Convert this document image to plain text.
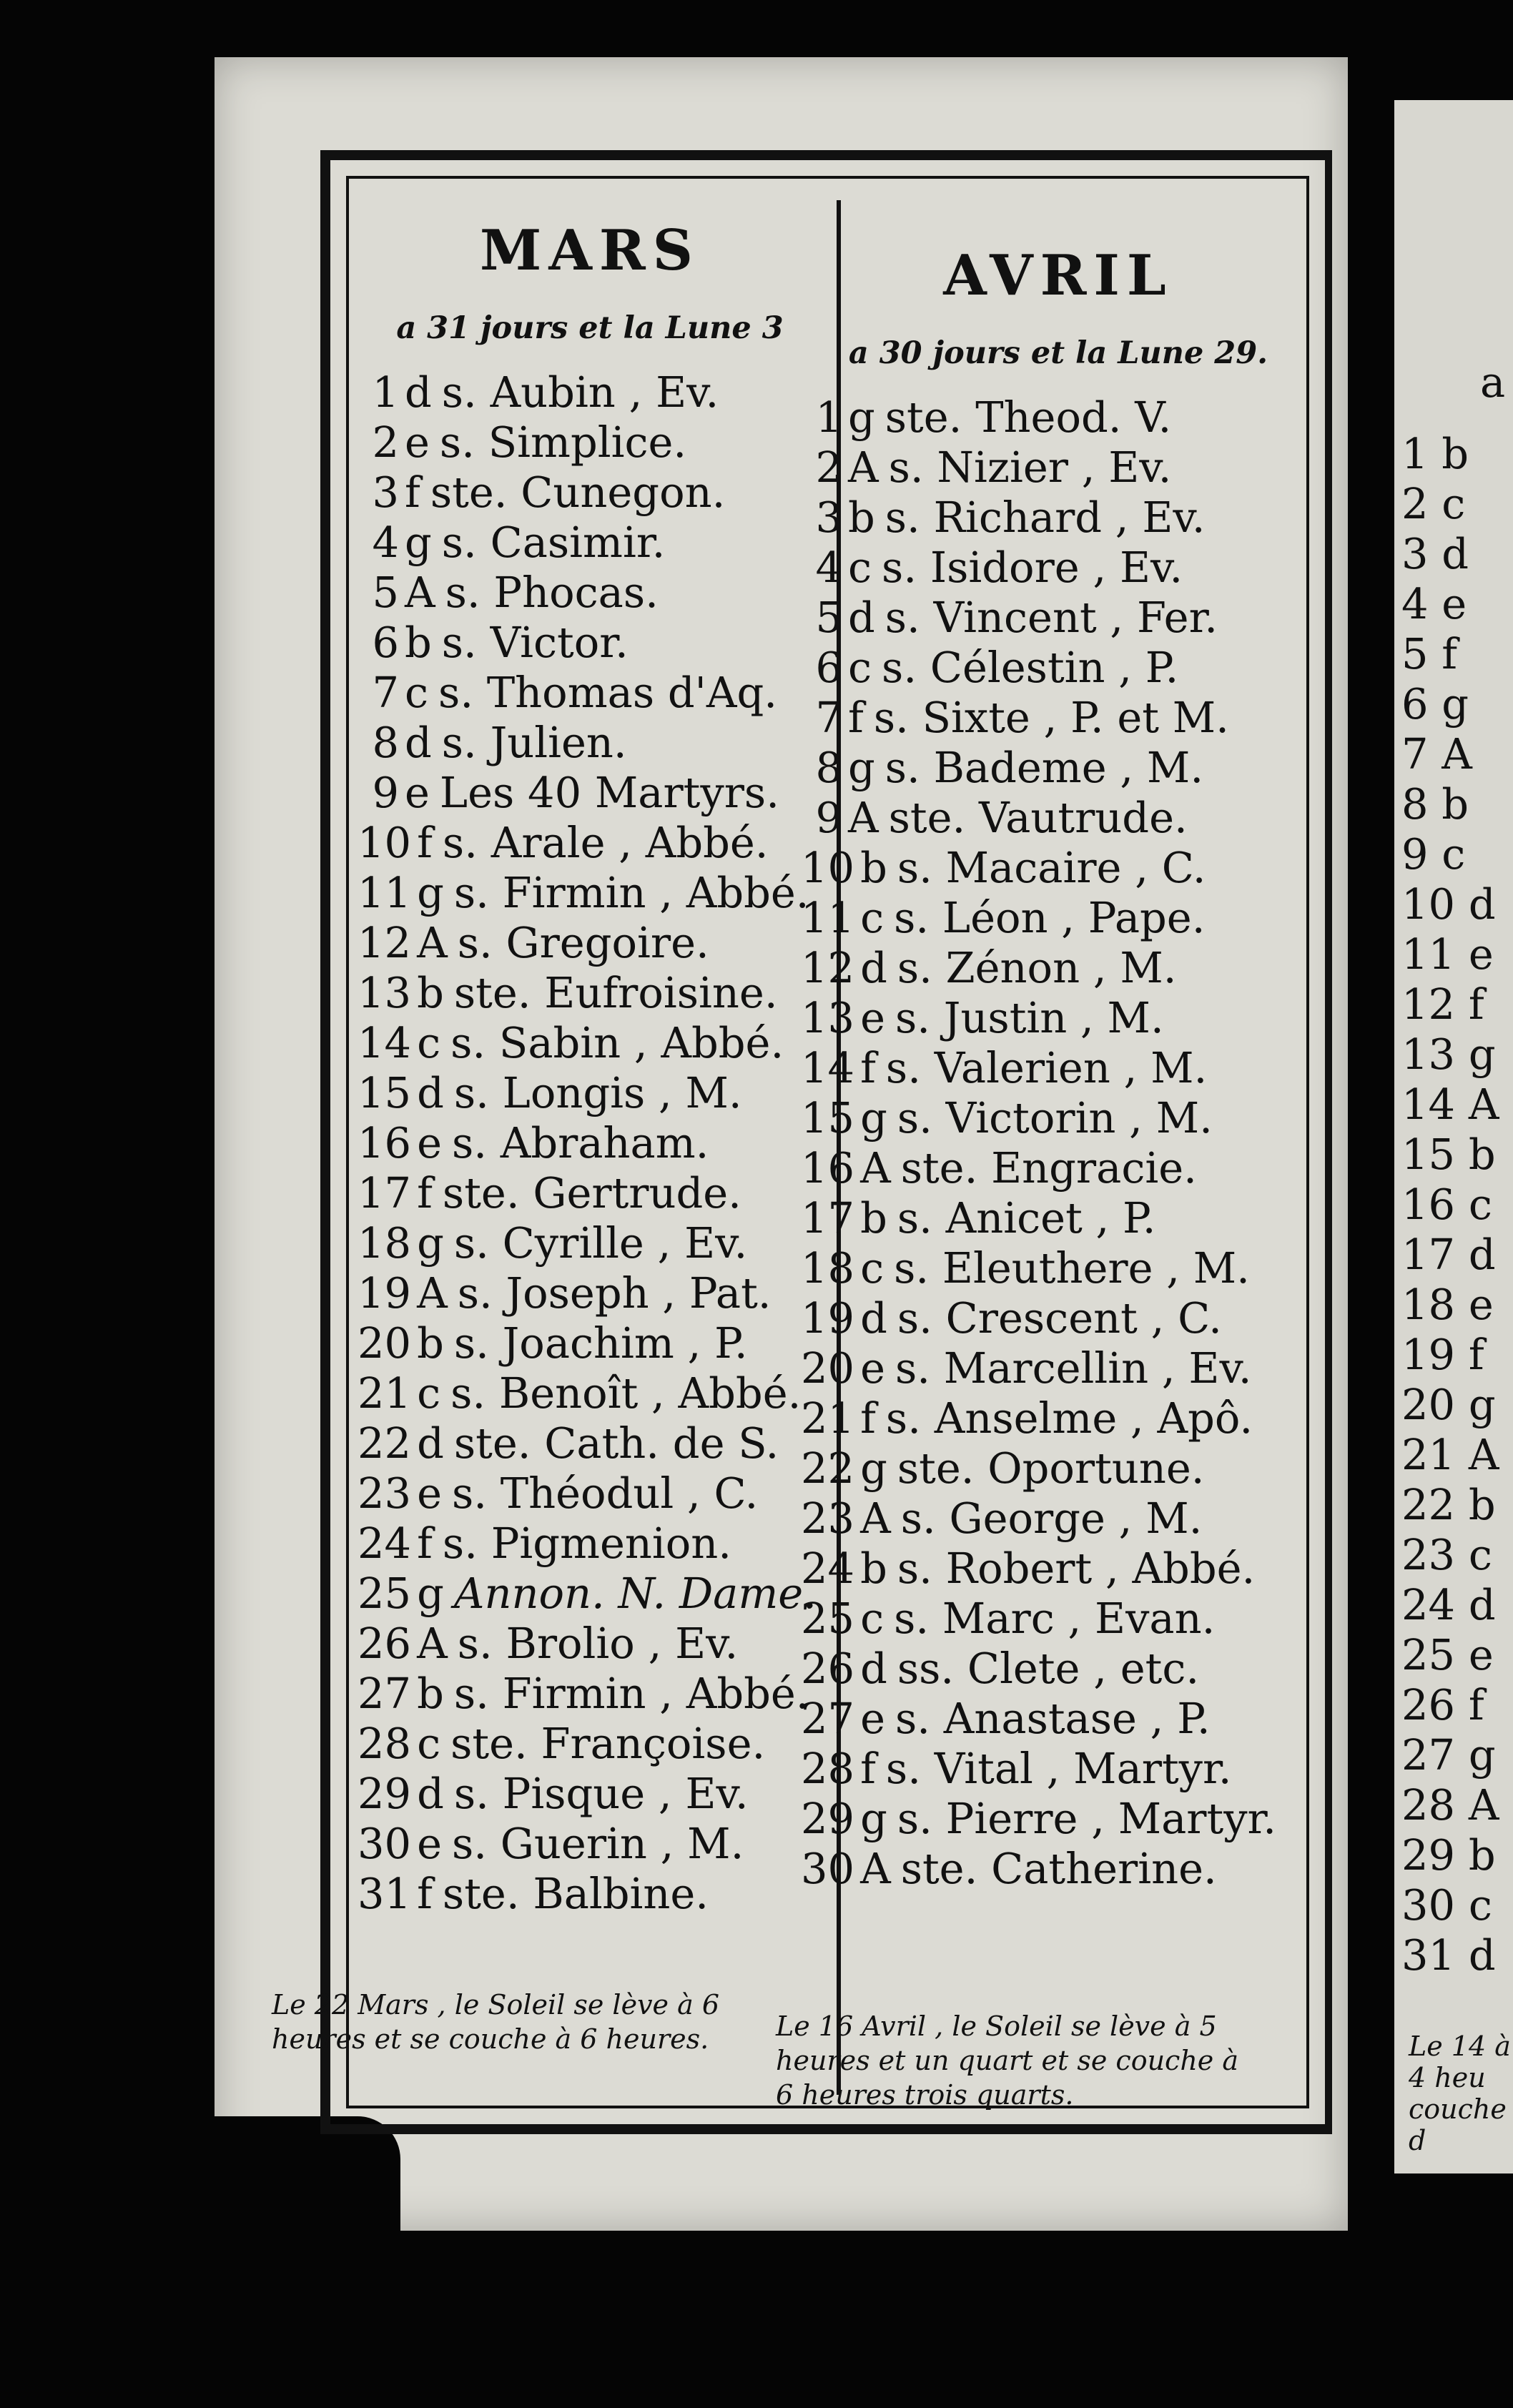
a
1 b
2 c
3 d
4 e
5 f
6 g
7 A
8 b
9 c
10 d
11 e
12 f
13 g
14 A
15 b
16 c
17 d
18 e
19 f
20 g
21 A
22 b
23 c
24 d
25 e
26 f
27 g
28 A
29 b
30 c
31 d
Le 14 à 4 heu couche d
MARS
a 31 jours et la Lune 3
1 d s. Aubin , Ev.
2 e s. Simplice.
3 f ste. Cunegon.
4 g s. Casimir.
5 A s. Phocas.
6 b s. Victor.
7 c s. Thomas d'Aq.
8 d s. Julien.
9 e Les 40 Martyrs.
10 f s. Arale , Abbé.
11 g s. Firmin , Abbé.
12 A s. Gregoire.
13 b ste. Eufroisine.
14 c s. Sabin , Abbé.
15 d s. Longis , M.
16 e s. Abraham.
17 f ste. Gertrude.
18 g s. Cyrille , Ev.
19 A s. Joseph , Pat.
20 b s. Joachim , P.
21 c s. Benoît , Abbé.
22 d ste. Cath. de S.
23 e s. Théodul , C.
24 f s. Pigmenion.
25 g Annon. N. Dame.
26 A s. Brolio , Ev.
27 b s. Firmin , Abbé.
28 c ste. Françoise.
29 d s. Pisque , Ev.
30 e s. Guerin , M.
31 f ste. Balbine.
AVRIL
a 30 jours et la Lune 29.
1 g ste. Theod. V.
2 A s. Nizier , Ev.
3 b s. Richard , Ev.
4 c s. Isidore , Ev.
5 d s. Vincent , Fer.
6 c s. Célestin , P.
7 f s. Sixte , P. et M.
8 g s. Bademe , M.
9 A ste. Vautrude.
10 b s. Macaire , C.
11 c s. Léon , Pape.
12 d s. Zénon , M.
13 e s. Justin , M.
14 f s. Valerien , M.
15 g s. Victorin , M.
16 A ste. Engracie.
17 b s. Anicet , P.
18 c s. Eleuthere , M.
19 d s. Crescent , C.
20 e s. Marcellin , Ev.
21 f s. Anselme , Apô.
22 g ste. Oportune.
23 A s. George , M.
24 b s. Robert , Abbé.
25 c s. Marc , Evan.
26 d ss. Clete , etc.
27 e s. Anastase , P.
28 f s. Vital , Martyr.
29 g s. Pierre , Martyr.
30 A ste. Catherine.
Le 22 Mars , le Soleil se lève à 6 heures et se couche à 6 heures.	Le 16 Avril , le Soleil se lève à 5 heures et un quart et se couche à 6 heures trois quarts.
